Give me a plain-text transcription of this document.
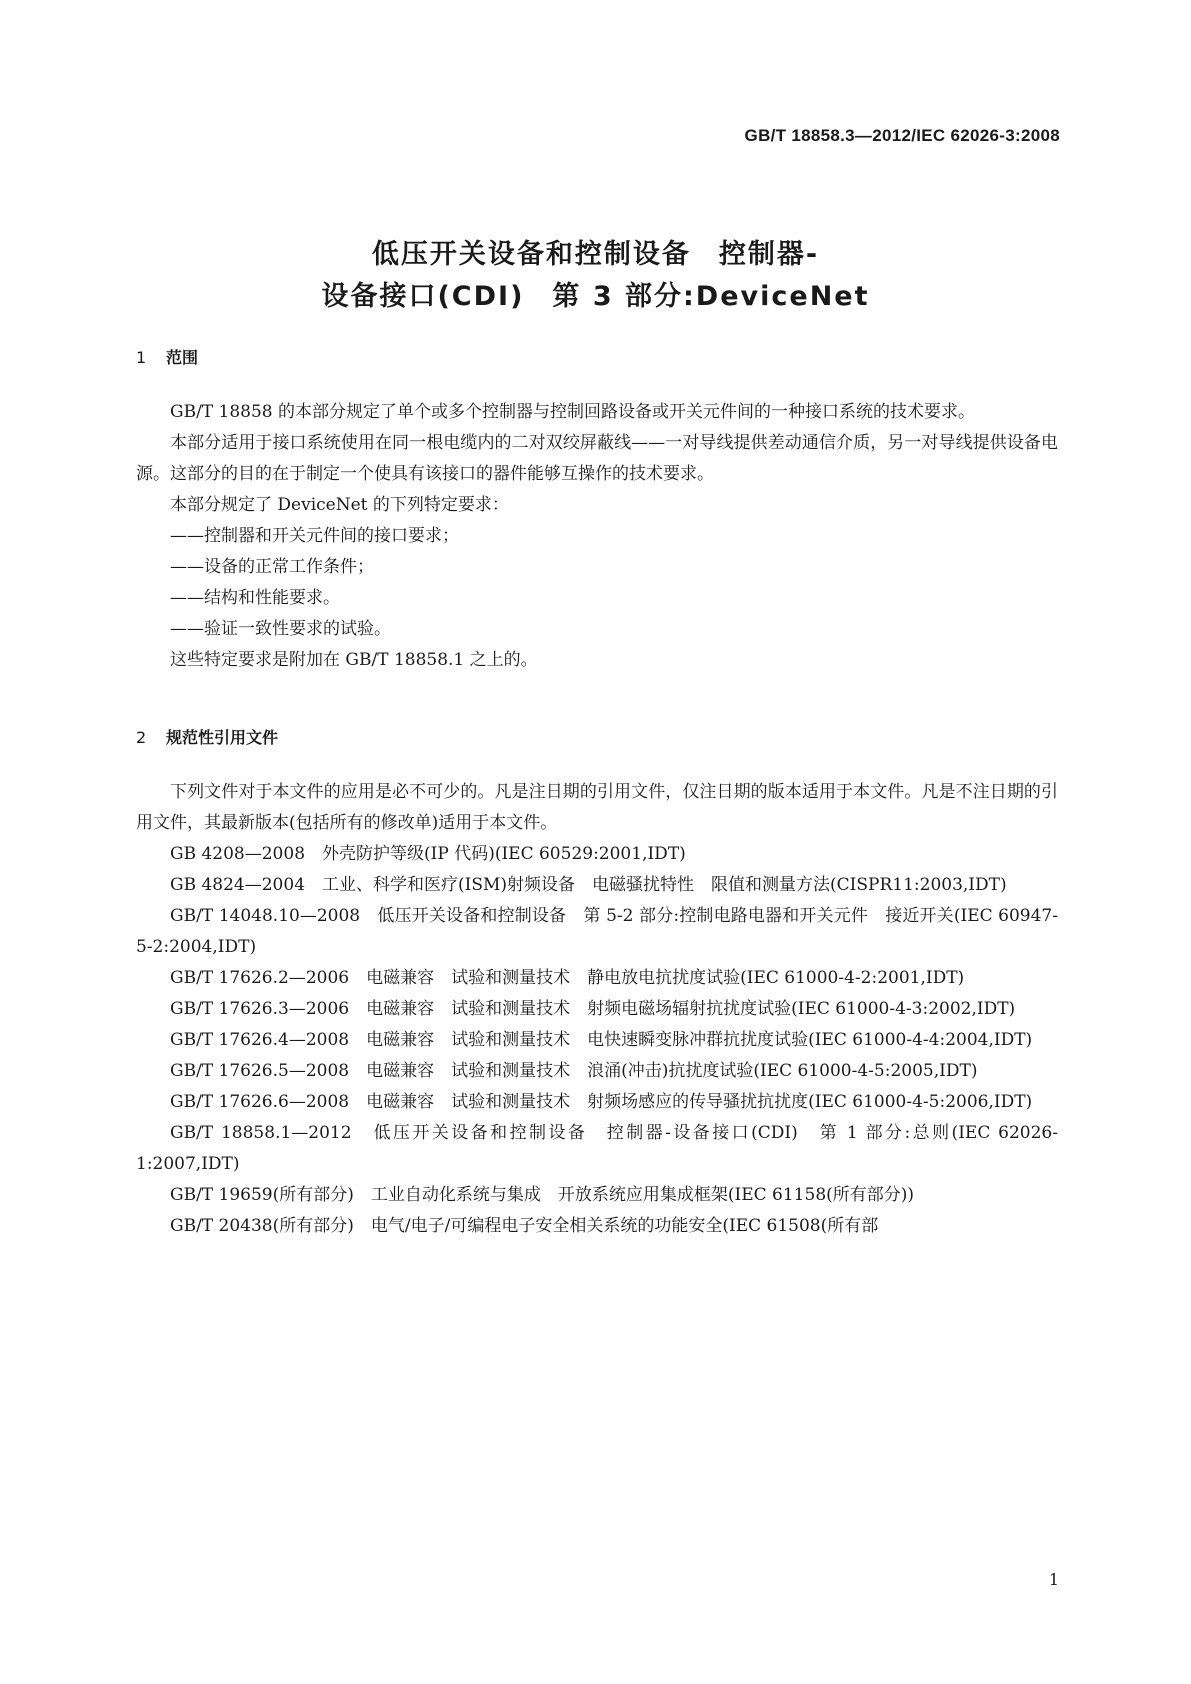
GB/T 18858.3—2012/IEC 62026-3:2008
低压开关设备和控制设备 控制器-
设备接口(CDI) 第 3 部分:DeviceNet
1 范围

GB/T 18858 的本部分规定了单个或多个控制器与控制回路设备或开关元件间的一种接口系统的技术要求。

本部分适用于接口系统使用在同一根电缆内的二对双绞屏蔽线——一对导线提供差动通信介质，另一对导线提供设备电源。这部分的目的在于制定一个使具有该接口的器件能够互操作的技术要求。

本部分规定了 DeviceNet 的下列特定要求：

——控制器和开关元件间的接口要求；

——设备的正常工作条件；

——结构和性能要求。

——验证一致性要求的试验。

这些特定要求是附加在 GB/T 18858.1 之上的。

2 规范性引用文件

下列文件对于本文件的应用是必不可少的。凡是注日期的引用文件，仅注日期的版本适用于本文件。凡是不注日期的引用文件，其最新版本(包括所有的修改单)适用于本文件。

GB 4208—2008　外壳防护等级(IP 代码)(IEC 60529:2001,IDT)

GB 4824—2004　工业、科学和医疗(ISM)射频设备　电磁骚扰特性　限值和测量方法(CISPR11:2003,IDT)

GB/T 14048.10—2008　低压开关设备和控制设备　第 5-2 部分:控制电路电器和开关元件　接近开关(IEC 60947-5-2:2004,IDT)

GB/T 17626.2—2006　电磁兼容　试验和测量技术　静电放电抗扰度试验(IEC 61000-4-2:2001,IDT)

GB/T 17626.3—2006　电磁兼容　试验和测量技术　射频电磁场辐射抗扰度试验(IEC 61000-4-3:2002,IDT)

GB/T 17626.4—2008　电磁兼容　试验和测量技术　电快速瞬变脉冲群抗扰度试验(IEC 61000-4-4:2004,IDT)

GB/T 17626.5—2008　电磁兼容　试验和测量技术　浪涌(冲击)抗扰度试验(IEC 61000-4-5:2005,IDT)

GB/T 17626.6—2008　电磁兼容　试验和测量技术　射频场感应的传导骚扰抗扰度(IEC 61000-4-5:2006,IDT)

GB/T 18858.1—2012　低压开关设备和控制设备　控制器-设备接口(CDI)　第 1 部分:总则(IEC 62026-1:2007,IDT)

GB/T 19659(所有部分)　工业自动化系统与集成　开放系统应用集成框架(IEC 61158(所有部分))

GB/T 20438(所有部分)　电气/电子/可编程电子安全相关系统的功能安全(IEC 61508(所有部

1
